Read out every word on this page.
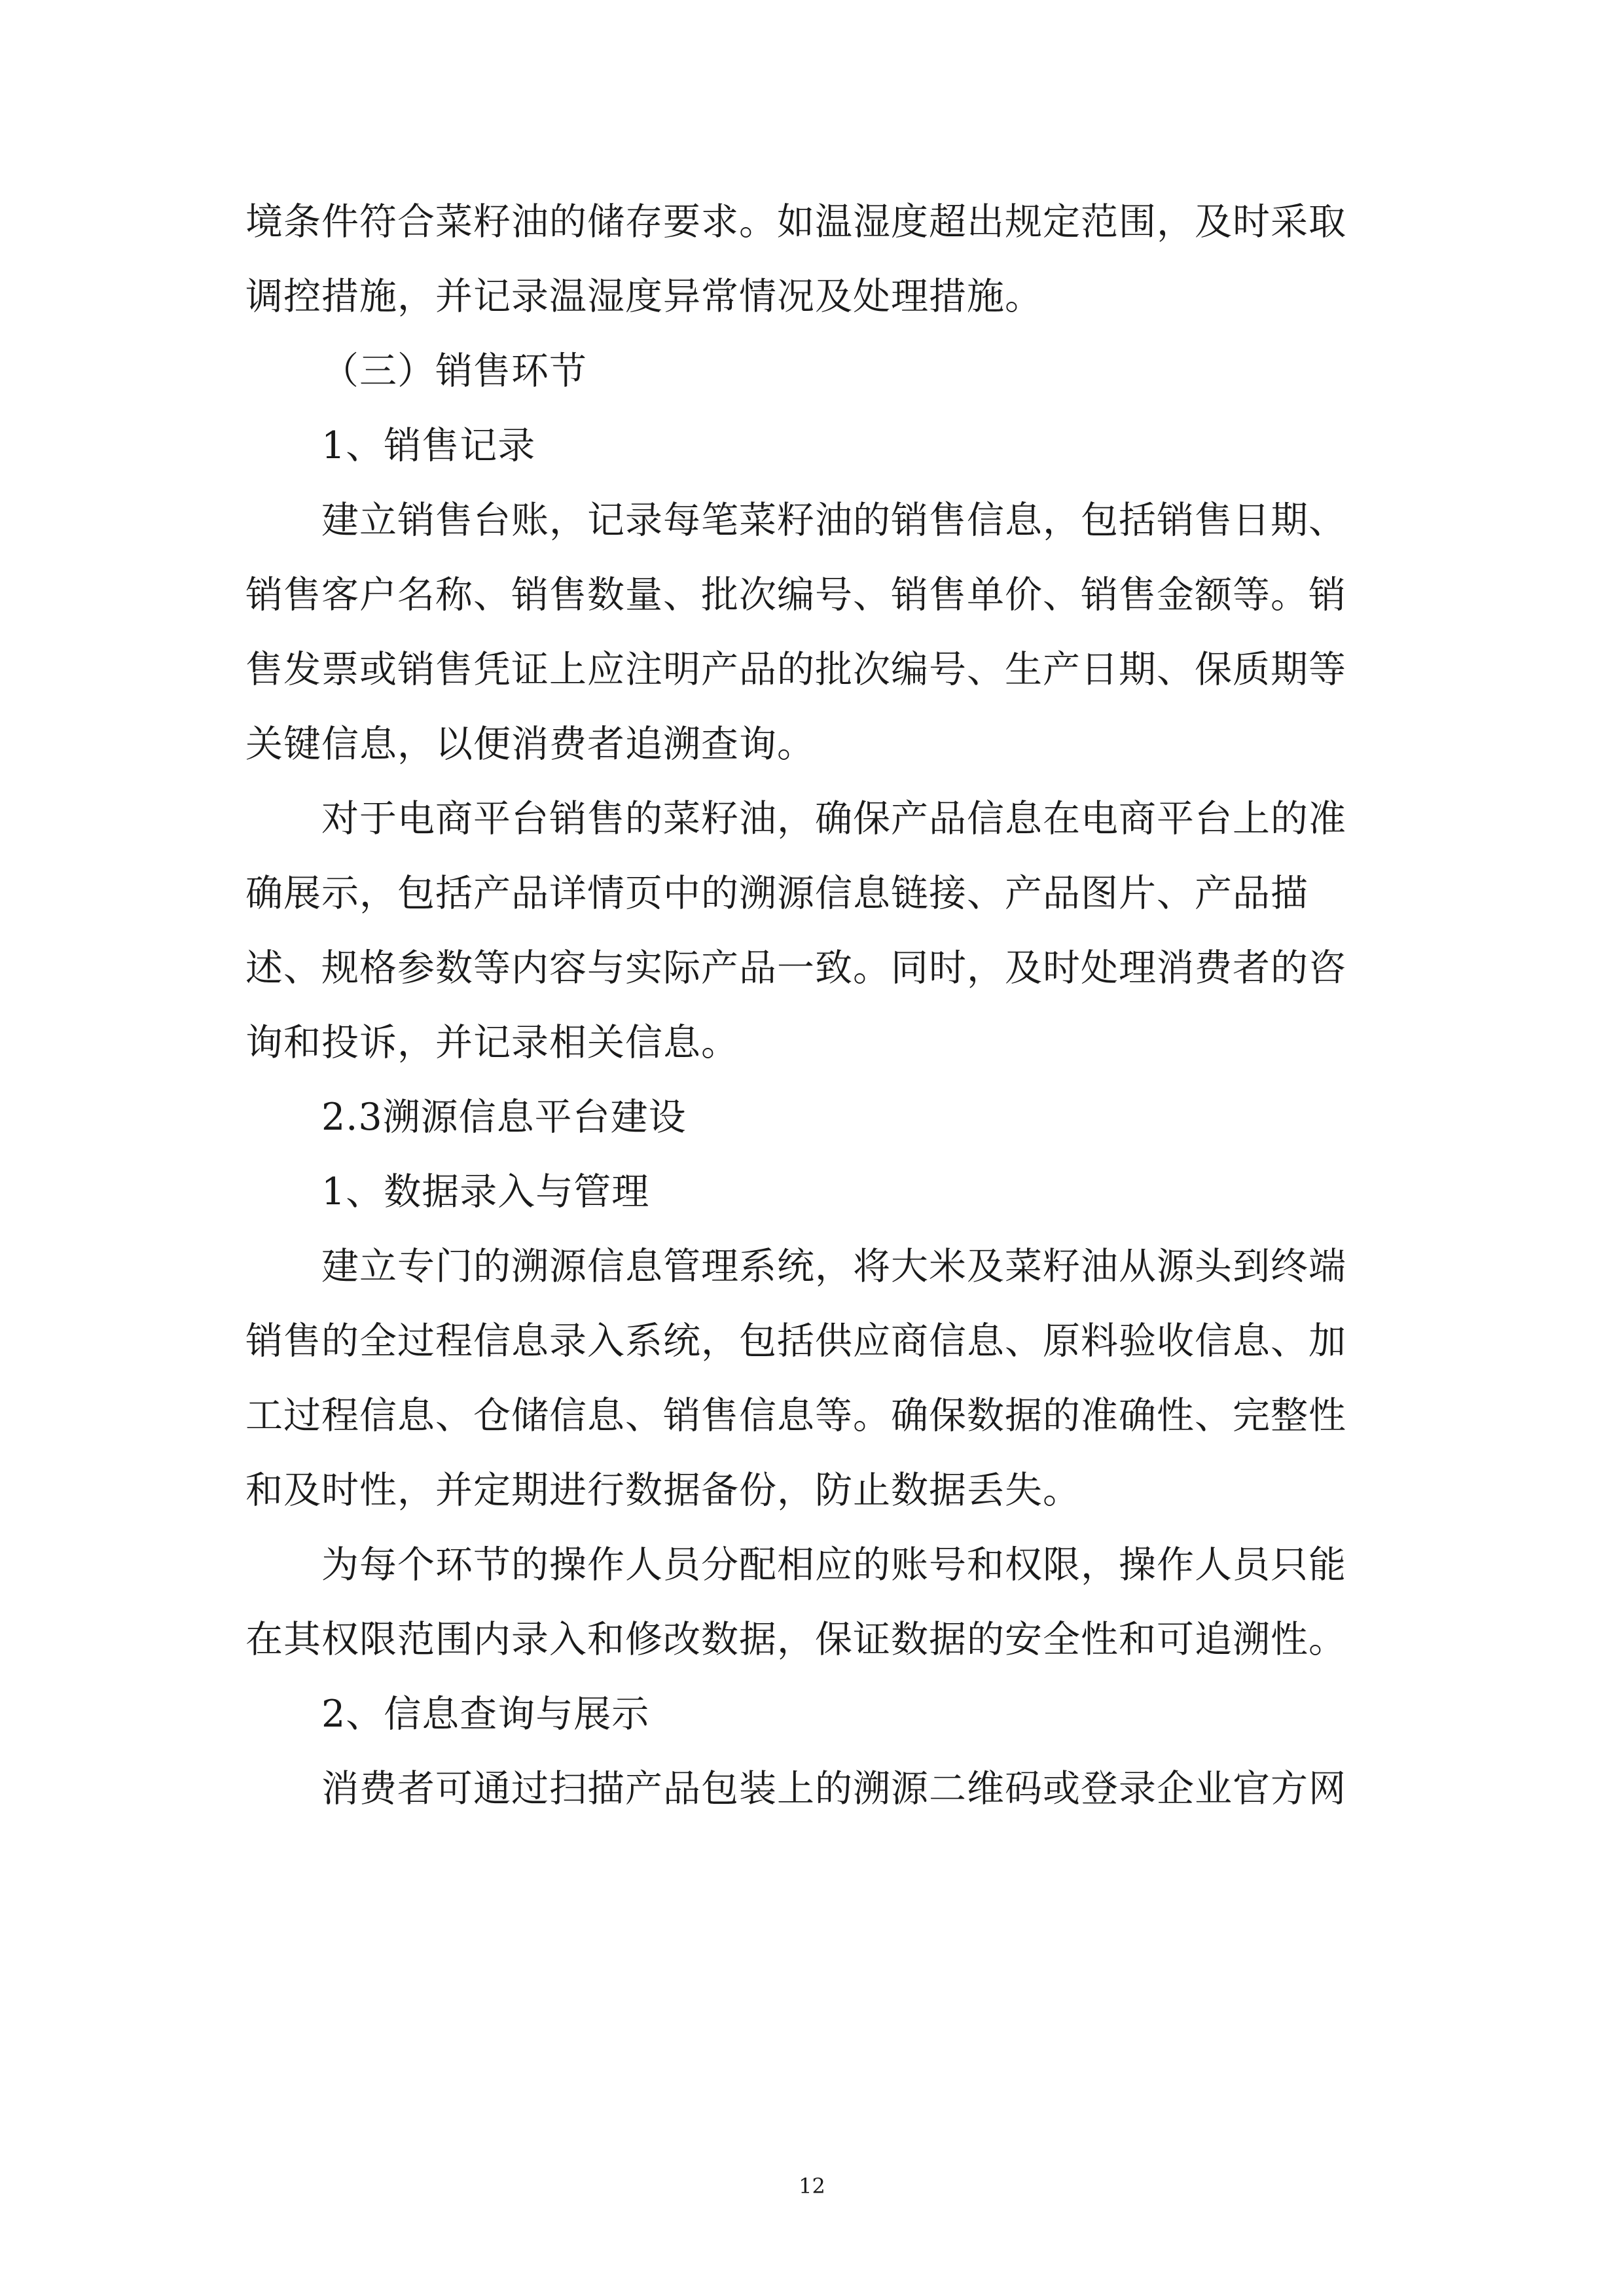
境条件符合菜籽油的储存要求。如温湿度超出规定范围，及时采取
调控措施，并记录温湿度异常情况及处理措施。
（三）销售环节
1、销售记录
建立销售台账，记录每笔菜籽油的销售信息，包括销售日期、
销售客户名称、销售数量、批次编号、销售单价、销售金额等。销
售发票或销售凭证上应注明产品的批次编号、生产日期、保质期等
关键信息，以便消费者追溯查询。
对于电商平台销售的菜籽油，确保产品信息在电商平台上的准
确展示，包括产品详情页中的溯源信息链接、产品图片、产品描
述、规格参数等内容与实际产品一致。同时，及时处理消费者的咨
询和投诉，并记录相关信息。
2.3溯源信息平台建设
1、数据录入与管理
建立专门的溯源信息管理系统，将大米及菜籽油从源头到终端
销售的全过程信息录入系统，包括供应商信息、原料验收信息、加
工过程信息、仓储信息、销售信息等。确保数据的准确性、完整性
和及时性，并定期进行数据备份，防止数据丢失。
为每个环节的操作人员分配相应的账号和权限，操作人员只能
在其权限范围内录入和修改数据，保证数据的安全性和可追溯性。
2、信息查询与展示
消费者可通过扫描产品包装上的溯源二维码或登录企业官方网
12
